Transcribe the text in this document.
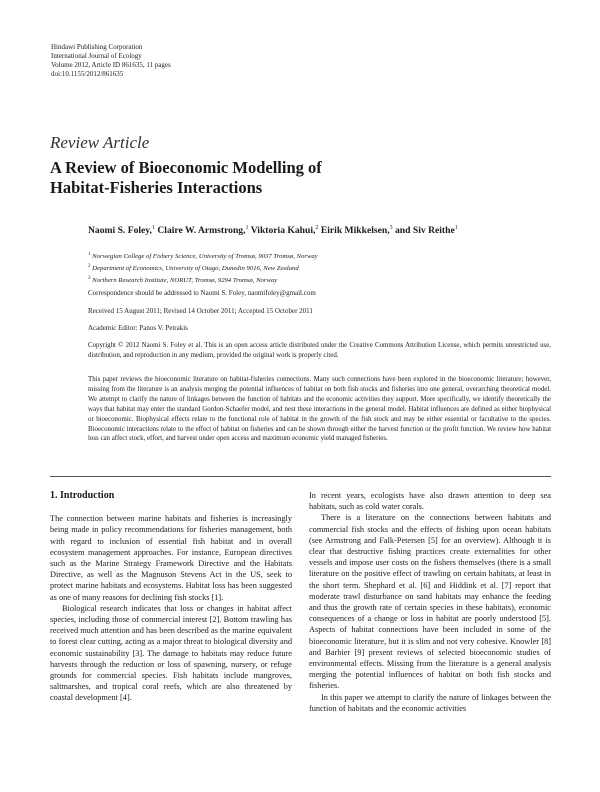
Hindawi Publishing Corporation
International Journal of Ecology
Volume 2012, Article ID 861635, 11 pages
doi:10.1155/2012/861635
Review Article
A Review of Bioeconomic Modelling of
Habitat-Fisheries Interactions
Naomi S. Foley,$^1$ Claire W. Armstrong,$^1$ Viktoria Kahui,$^2$ Eirik Mikkelsen,$^3$ and Siv Reithe$^1$
$^1$ Norwegian College of Fishery Science, University of Tromsø, 9037 Tromsø, Norway
$^2$ Department of Economics, University of Otago, Dunedin 9016, New Zealand
$^3$ Northern Research Institute, NORUT, Tromsø, 9294 Tromsø, Norway
Correspondence should be addressed to Naomi S. Foley, naomifoley@gmail.com
Received 15 August 2011; Revised 14 October 2011; Accepted 15 October 2011
Academic Editor: Panos V. Petrakis
Copyright © 2012 Naomi S. Foley et al. This is an open access article distributed under the Creative Commons Attribution License, which permits unrestricted use, distribution, and reproduction in any medium, provided the original work is properly cited.
This paper reviews the bioeconomic literature on habitat-fisheries connections. Many such connections have been explored in the bioeconomic literature; however, missing from the literature is an analysis merging the potential influences of habitat on both fish stocks and fisheries into one general, overarching theoretical model. We attempt to clarify the nature of linkages between the function of habitats and the economic activities they support. More specifically, we identify theoretically the ways that habitat may enter the standard Gordon-Schaefer model, and nest these interactions in the general model. Habitat influences are defined as either biophysical or bioeconomic. Biophysical effects relate to the functional role of habitat in the growth of the fish stock and may be either essential or facultative to the species. Bioeconomic interactions relate to the effect of habitat on fisheries and can be shown through either the harvest function or the profit function. We review how habitat loss can affect stock, effort, and harvest under open access and maximum economic yield managed fisheries.
1. Introduction

The connection between marine habitats and fisheries is increasingly being made in policy recommendations for fisheries management, both with regard to inclusion of essential fish habitat and in overall ecosystem management approaches. For instance, European directives such as the Marine Strategy Framework Directive and the Habitats Directive, as well as the Magnuson Stevens Act in the US, seek to protect marine habitats and ecosystems. Habitat loss has been suggested as one of many reasons for declining fish stocks [1].

Biological research indicates that loss or changes in habitat affect species, including those of commercial interest [2]. Bottom trawling has received much attention and has been described as the marine equivalent to forest clear cutting, acting as a major threat to biological diversity and economic sustainability [3]. The damage to habitats may reduce future harvests through the reduction or loss of spawning, nursery, or refuge grounds for commercial species. Fish habitats include mangroves, saltmarshes, and tropical coral reefs, which are also threatened by coastal development [4].

In recent years, ecologists have also drawn attention to deep sea habitats, such as cold water corals.

There is a literature on the connections between habitats and commercial fish stocks and the effects of fishing upon ocean habitats (see Armstrong and Falk-Petersen [5] for an overview). Although it is clear that destructive fishing practices create externalities for other vessels and impose user costs on the fishers themselves (there is a small literature on the positive effect of trawling on certain habitats, at least in the short term. Shephard et al. [6] and Hiddink et al. [7] report that moderate trawl disturbance on sand habitats may enhance the feeding and thus the growth rate of certain species in these habitats), economic consequences of a change or loss in habitat are poorly understood [5]. Aspects of habitat connections have been included in some of the bioeconomic literature, but it is slim and not very cohesive. Knowler [8] and Barbier [9] present reviews of selected bioeconomic studies of environmental effects. Missing from the literature is a general analysis merging the potential influences of habitat on both fish stocks and fisheries.

In this paper we attempt to clarify the nature of linkages between the function of habitats and the economic activities
